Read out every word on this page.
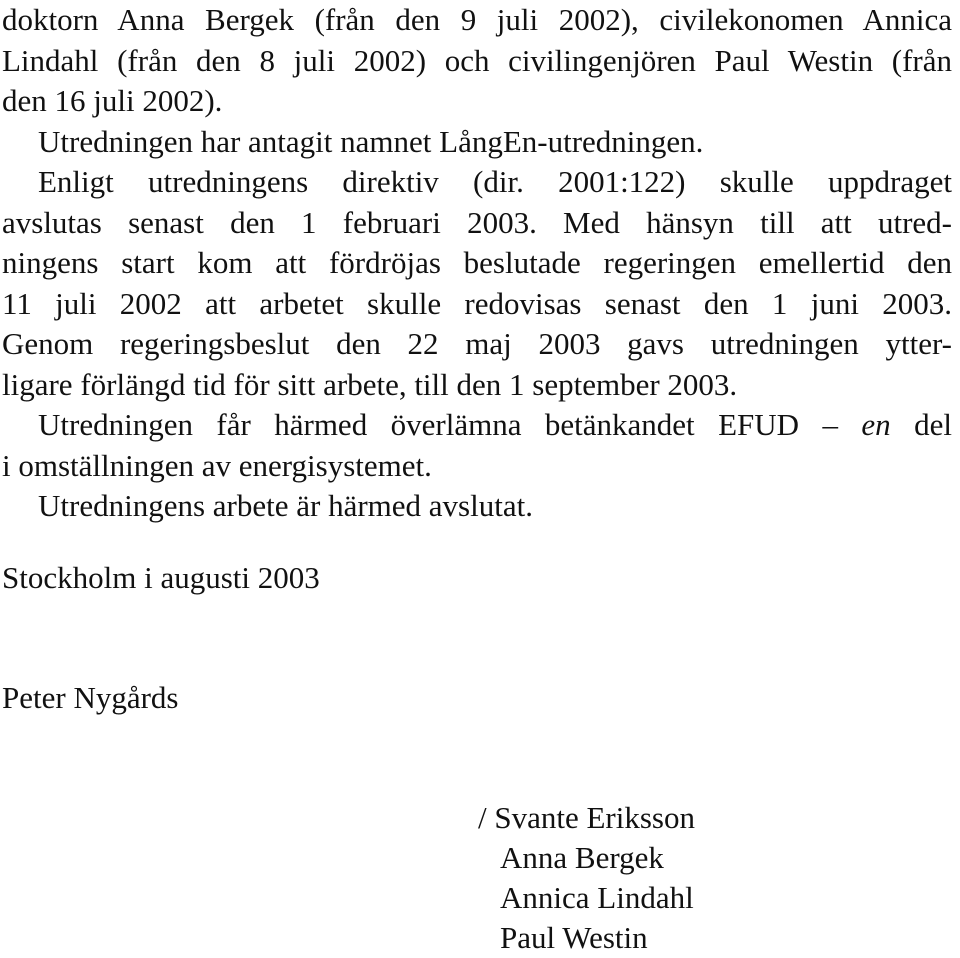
doktorn Anna Bergek (från den 9 juli 2002), civilekonomen Annica
Lindahl (från den 8 juli 2002) och civilingenjören Paul Westin (från
den 16 juli 2002).
Utredningen har antagit namnet LångEn-utredningen.
Enligt utredningens direktiv (dir. 2001:122) skulle uppdraget
avslutas senast den 1 februari 2003. Med hänsyn till att utred-
ningens start kom att fördröjas beslutade regeringen emellertid den
11 juli 2002 att arbetet skulle redovisas senast den 1 juni 2003.
Genom regeringsbeslut den 22 maj 2003 gavs utredningen ytter-
ligare förlängd tid för sitt arbete, till den 1 september 2003.
Utredningen får härmed överlämna betänkandet EFUD – en del
i omställningen av energisystemet.
Utredningens arbete är härmed avslutat.
Stockholm i augusti 2003
Peter Nygårds
/ Svante Eriksson
Anna Bergek
Annica Lindahl
Paul Westin
